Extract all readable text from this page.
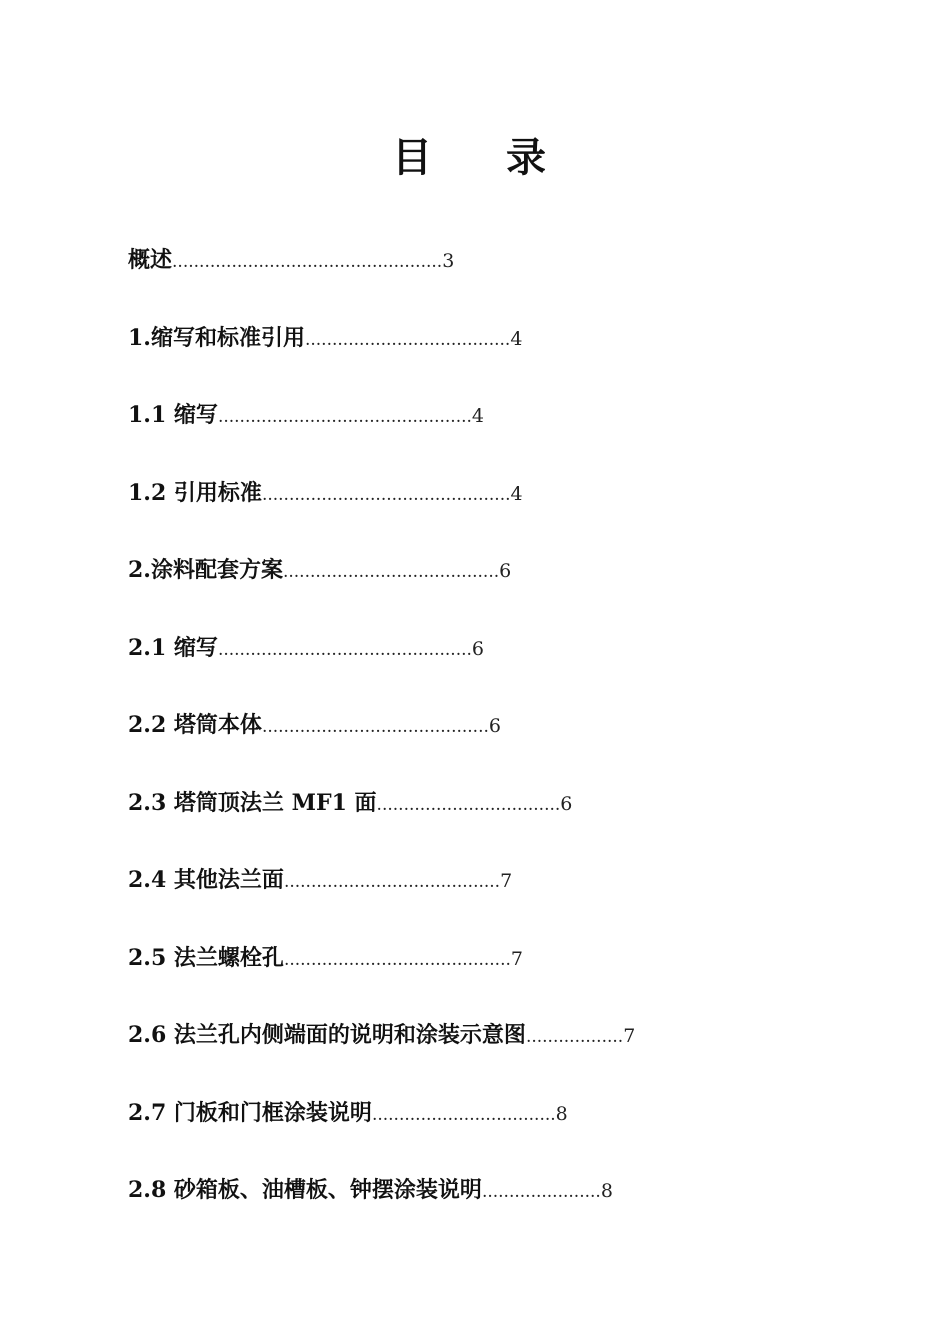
目 录
概述 .................................................. 3
1.缩写和标准引用 ...................................... 4
1.1 缩写 ............................................... 4
1.2 引用标准 .............................................. 4
2.涂料配套方案 ........................................ 6
2.1 缩写 ............................................... 6
2.2 塔筒本体 .......................................... 6
2.3 塔筒顶法兰 MF1 面 .................................. 6
2.4 其他法兰面 ........................................ 7
2.5 法兰螺栓孔 .......................................... 7
2.6 法兰孔内侧端面的说明和涂装示意图 .................. 7
2.7 门板和门框涂装说明 .................................. 8
2.8 砂箱板、油槽板、钟摆涂装说明 ...................... 8
